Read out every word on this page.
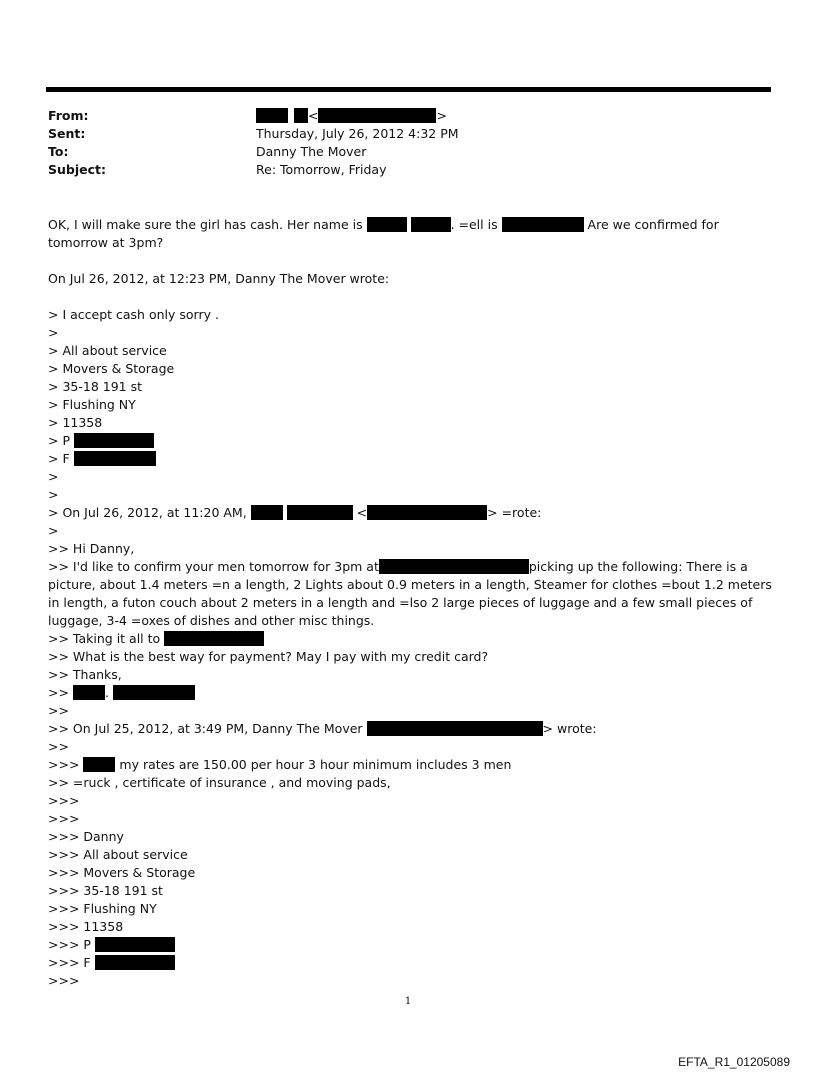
From:	<	>
Sent:	Thursday, July 26, 2012 4:32 PM
To:	Danny The Mover
Subject:	Re: Tomorrow, Friday

OK, I will make sure the girl has cash. Her name is	. =ell is	Are we confirmed for tomorrow at 3pm?

On Jul 26, 2012, at 12:23 PM, Danny The Mover wrote:

> I accept cash only sorry .

>

> All about service

> Movers & Storage

> 35-18 191 st

> Flushing NY

> 11358

> P

> F

>

>

> On Jul 26, 2012, at 11:20 AM,	<	> =rote:

>

>> Hi Danny,

>> I'd like to confirm your men tomorrow for 3pm at	picking up the following: There is a picture, about 1.4 meters =n a length, 2 Lights about 0.9 meters in a length, Steamer for clothes =bout 1.2 meters in length, a futon couch about 2 meters in a length and =lso 2 large pieces of luggage and a few small pieces of luggage, 3-4 =oxes of dishes and other misc things.

>> Taking it all to

>> What is the best way for payment? May I pay with my credit card?

>> Thanks,

>>	.

>>

>> On Jul 25, 2012, at 3:49 PM, Danny The Mover	> wrote:

>>

>>>	my rates are 150.00 per hour 3 hour minimum includes 3 men

>> =ruck , certificate of insurance , and moving pads,

>>>

>>>

>>> Danny

>>> All about service

>>> Movers & Storage

>>> 35-18 191 st

>>> Flushing NY

>>> 11358

>>> P

>>> F

>>>

1
EFTA_R1_01205089
